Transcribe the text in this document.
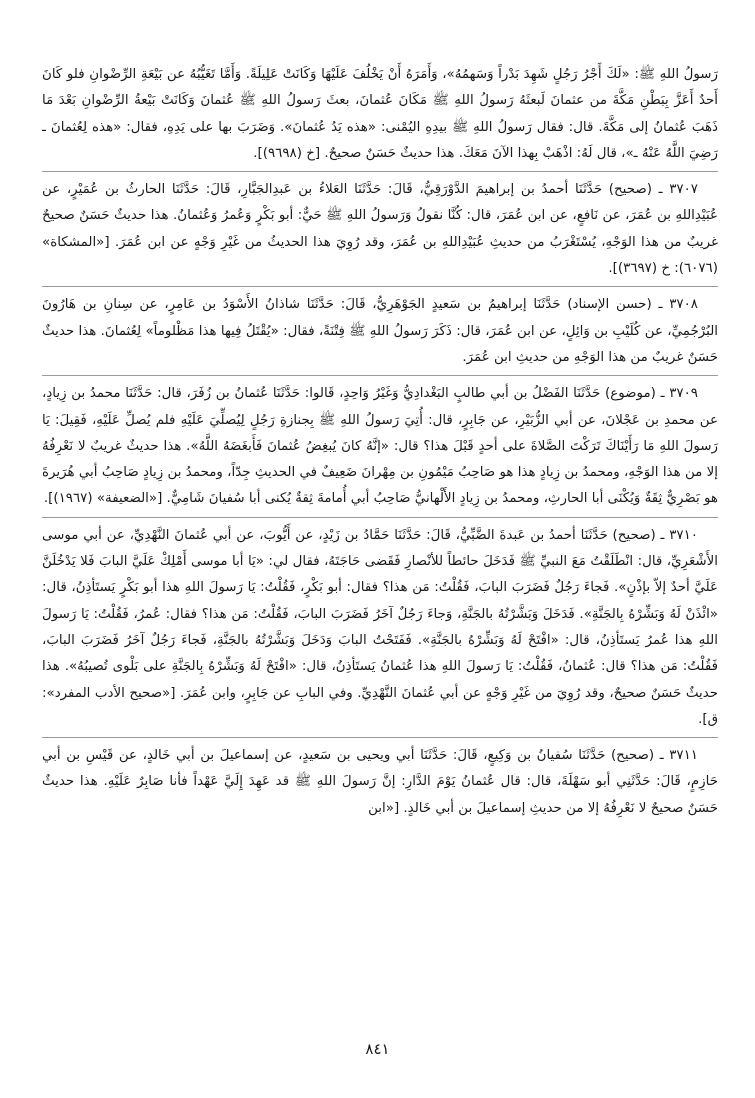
رَسولُ اللهِ ﷺ: «لَكَ أَجْرُ رَجُلٍ شَهِدَ بَدْراً وَسَهمُهُ»، وَأَمَرَهُ أَنْ يَخْلُفَ عَلَيْهَا وَكَانَتْ عَلِيلَةً. وَأَمَّا تَغَيُّبُهُ عن بَيْعَةِ الرِّضْوانِ فلو كَانَ أَحدٌ أَعَزَّ بِبَطْنِ مَكَّةَ من عثمانَ لَبعثَهُ رَسولُ اللهِ ﷺ مَكَانَ عُثمانَ، بعثَ رَسولُ اللهِ ﷺ عُثمانَ وَكَانَتْ بَيْعةُ الرِّضْوانِ بَعْدَ مَا ذَهَبَ عُثمانُ إلى مَكَّةَ. قال: فقال رَسولُ اللهِ ﷺ بيدِهِ اليُمْنى: «هذه يَدُ عُثمانَ». وَضَرَبَ بها على يَدِهِ، فقال: «هذه لِعُثمانَ ـ رَضِيَ اللَّهُ عَنْهُ ـ»، قال لَهُ: اذْهَبْ بِهذا الآنَ مَعَكَ. هذا حديثٌ حَسَنٌ صحيحٌ. [خ (٩٦٩٨)].

٣٧٠٧ ـ (صحيح) حَدَّثَنَا أحمدُ بن إبراهيمَ الدَّوْرَقِيُّ، قَالَ: حَدَّثَنَا العَلاءُ بن عَبدِالجَبَّارِ، قَالَ: حَدَّثَنَا الحارثُ بن عُمَيْرٍ، عن عُبَيْدِاللهِ بن عُمَرَ، عن نَافعٍ، عن ابن عُمَرَ، قال: كُنَّا نقولُ وَرَسولُ اللهِ ﷺ حَيٌّ: أبو بَكْرٍ وَعُمرُ وَعُثمانُ. هذا حديثٌ حَسَنٌ صحيحٌ غريبٌ من هذا الوَجْهِ، يُسْتَغْرَبُ من حديثِ عُبَيْدِاللهِ بن عُمَرَ، وقد رُوِيَ هذا الحديثُ من غَيْرِ وَجْهٍ عن ابن عُمَرَ. [«المشكاة» (٦٠٧٦): خ (٣٦٩٧)].

٣٧٠٨ ـ (حسن الإسناد) حَدَّثَنَا إبراهيمُ بن سَعيدٍ الجَوْهَرِيُّ، قَالَ: حَدَّثَنَا شاذانُ الأَسْوَدُ بن عَامِرٍ، عن سِنانِ بن هَارُونَ البُرْجُمِيِّ، عن كُلَيْبِ بن وَائِلٍ، عن ابن عُمَرَ، قال: ذَكَرَ رَسولُ اللهِ ﷺ فِتْنَةً، فقال: «يُقْتَلُ فِيها هذا مَظْلوماً» لِعُثمانَ. هذا حديثٌ حَسَنٌ غريبٌ من هذا الوَجْهِ من حديثِ ابن عُمَرَ.

٣٧٠٩ ـ (موضوع) حَدَّثَنَا الفَضْلُ بن أبي طالبٍ البَغْدادِيُّ وَغَيْرُ وَاحِدٍ، قَالوا: حَدَّثَنَا عُثمانُ بن زُفَرَ، قال: حَدَّثَنَا محمدُ بن زِيادٍ، عن محمدِ بن عَجْلانَ، عن أبي الزُّبَيْرِ، عن جَابِرٍ، قال: أُتِيَ رَسولُ اللهِ ﷺ بِجنازةِ رَجُلٍ لِيُصلِّيَ عَلَيْهِ فلم يُصلِّ عَلَيْهِ، فَقِيلَ: يَا رَسولَ اللهِ مَا رَأَيْنَاكَ تَرَكْتَ الصَّلاةَ على أحدٍ قَبْلَ هذا؟ قال: «إنَّهُ كانَ يُبغِضُ عُثمانَ فَأَبغَضَهُ اللَّهُ». هذا حديثٌ غريبٌ لا نَعْرِفُهُ إلا من هذا الوَجْهِ، ومحمدُ بن زِيادٍ هذا هو صَاحِبُ مَيْمُونِ بن مِهْرانَ ضَعِيفٌ في الحديثِ جِدّاً، ومحمدُ بن زِيادٍ صَاحِبُ أبي هُرَيرةَ هو بَصْرِيٌّ ثِقَةٌ وَيُكْنَى أبا الحارثِ، ومحمدُ بن زِيادٍ الأَلْهانيُّ صَاحِبُ أبي أُمامةَ ثِقةٌ يُكنى أبا سُفيانَ شَامِيٌّ. [«الضعيفة» (١٩٦٧)].

٣٧١٠ ـ (صحيح) حَدَّثَنَا أحمدُ بن عَبدةَ الضَّبِّيُّ، قَالَ: حَدَّثَنَا حَمَّادُ بن زَيْدٍ، عن أَيُّوبَ، عن أبي عُثمانَ النَّهْدِيِّ، عن أبي موسى الأَشْعَرِيِّ، قال: انْطَلَقْتُ مَعَ النبيِّ ﷺ فَدَخَلَ حائطاً للأنْصارِ فَقَضى حَاجَتَهُ، فقال لي: «يَا أبا موسى أَمْلِكْ عَلَيَّ البابَ فَلا يَدْخُلَنَّ عَلَيَّ أحدٌ إلاّ بإذْنٍ». فَجاءَ رَجُلٌ فَضَرَبَ البابَ، فَقُلْتُ: مَن هذا؟ فقال: أبو بَكْرٍ، فَقُلْتُ: يَا رَسولَ اللهِ هذا أبو بَكْرٍ يَستَأذِنُ، قال: «ائْذَنْ لَهُ وَبَشِّرْهُ بِالجَنَّةِ». فَدَخَلَ وَبَشَّرْتُهُ بالجَنَّةِ، وَجاءَ رَجُلٌ آخَرُ فَضَرَبَ البابَ، فَقُلْتُ: مَن هذا؟ فقال: عُمرُ، فَقُلْتُ: يَا رَسولَ اللهِ هذا عُمرُ يَستَأذِنُ، قال: «افْتَحْ لَهُ وَبَشِّرْهُ بالجَنَّةِ». فَفَتَحْتُ البابَ وَدَخَلَ وَبَشَّرْتُهُ بالجَنَّةِ، فَجاءَ رَجُلٌ آخَرُ فَضَرَبَ البابَ، فَقُلْتُ: مَن هذا؟ قال: عُثمانُ، فَقُلْتُ: يَا رَسولَ اللهِ هذا عُثمانُ يَستَأذِنُ، قال: «افْتَحْ لَهُ وَبَشِّرْهُ بِالجَنَّةِ على بَلْوى تُصيبُهُ». هذا حديثٌ حَسَنٌ صحيحٌ، وقد رُوِيَ من غَيْرِ وَجْهٍ عن أبي عُثمانَ النَّهْدِيِّ. وفي البابِ عن جَابِرٍ، وابن عُمَرَ. [«صحيح الأدب المفرد»: ق].

٣٧١١ ـ (صحيح) حَدَّثَنَا سُفيانُ بن وَكِيعٍ، قَالَ: حَدَّثَنَا أبي ويحيى بن سَعيدٍ، عن إسماعيلَ بن أبي خَالدٍ، عن قَيْسِ بن أبي حَازِمٍ، قَالَ: حَدَّثَنِي أبو سَهْلَةَ، قال: قال عُثمانُ يَوْمَ الدَّارِ: إنَّ رَسولَ اللهِ ﷺ قد عَهِدَ إِلَيَّ عَهْداً فأنا صَابِرٌ عَلَيْهِ. هذا حديثٌ حَسَنٌ صحيحٌ لا نَعْرِفُهُ إلا من حديثِ إسماعيلَ بن أبي خَالدٍ. [«ابن

٨٤١
